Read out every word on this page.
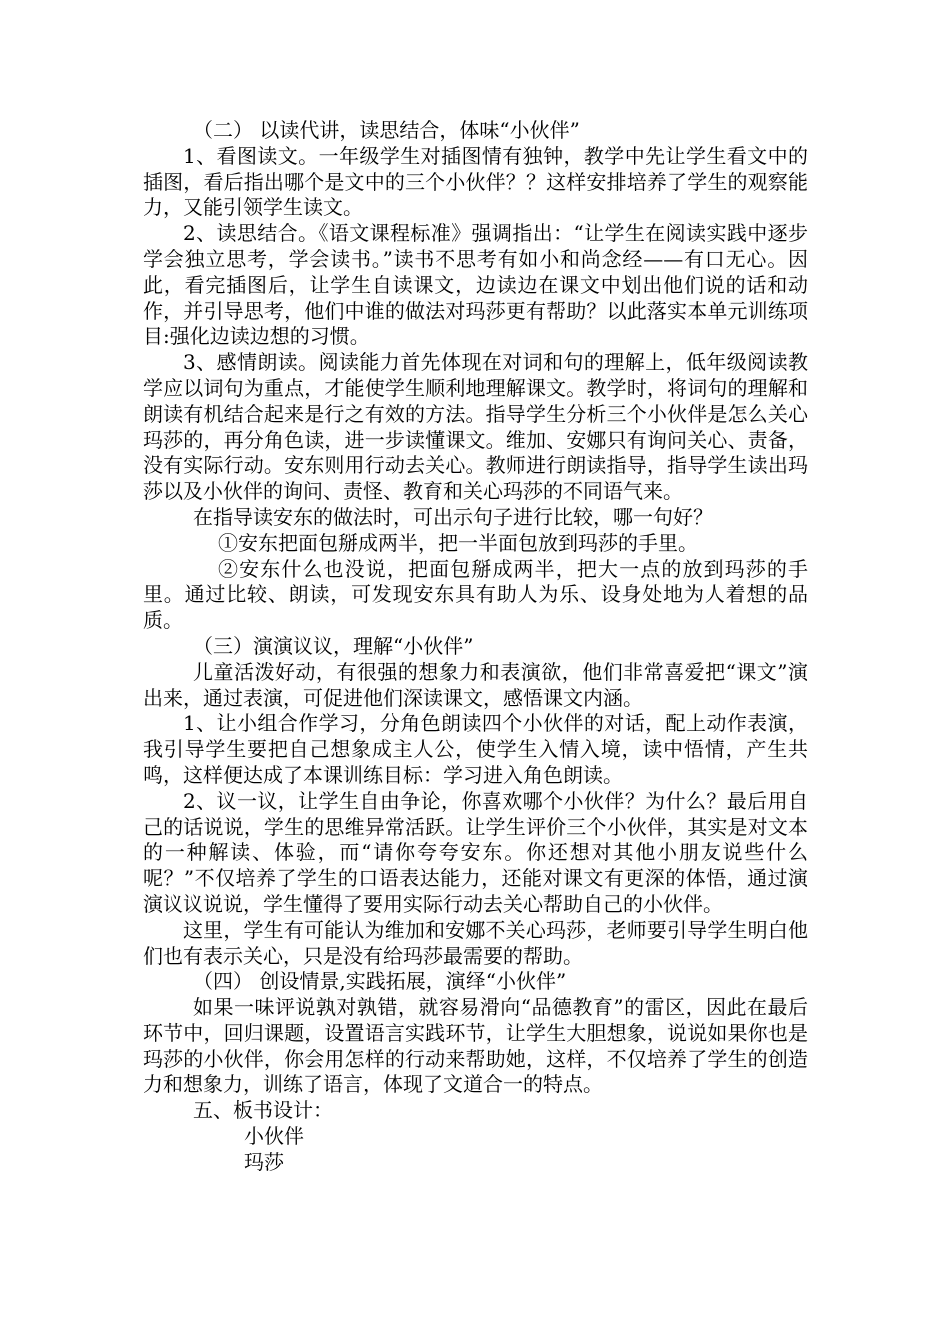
（二） 以读代讲，读思结合，体味“小伙伴”

1、看图读文。一年级学生对插图情有独钟，教学中先让学生看文中的插图，看后指出哪个是文中的三个小伙伴？？这样安排培养了学生的观察能力，又能引领学生读文。

2、读思结合。《语文课程标准》强调指出：“让学生在阅读实践中逐步学会独立思考，学会读书。”读书不思考有如小和尚念经——有口无心。因此，看完插图后，让学生自读课文，边读边在课文中划出他们说的话和动作，并引导思考，他们中谁的做法对玛莎更有帮助？以此落实本单元训练项目:强化边读边想的习惯。

3、感情朗读。阅读能力首先体现在对词和句的理解上，低年级阅读教学应以词句为重点，才能使学生顺利地理解课文。教学时，将词句的理解和朗读有机结合起来是行之有效的方法。指导学生分析三个小伙伴是怎么关心玛莎的，再分角色读，进一步读懂课文。维加、安娜只有询问关心、责备，没有实际行动。安东则用行动去关心。教师进行朗读指导，指导学生读出玛莎以及小伙伴的询问、责怪、教育和关心玛莎的不同语气来。

在指导读安东的做法时，可出示句子进行比较，哪一句好？

①安东把面包掰成两半，把一半面包放到玛莎的手里。

②安东什么也没说，把面包掰成两半，把大一点的放到玛莎的手里。通过比较、朗读，可发现安东具有助人为乐、设身处地为人着想的品质。

（三）演演议议，理解“小伙伴”

儿童活泼好动，有很强的想象力和表演欲，他们非常喜爱把“课文”演出来，通过表演，可促进他们深读课文，感悟课文内涵。

1、让小组合作学习，分角色朗读四个小伙伴的对话，配上动作表演，我引导学生要把自己想象成主人公，使学生入情入境，读中悟情，产生共鸣，这样便达成了本课训练目标：学习进入角色朗读。

2、议一议，让学生自由争论，你喜欢哪个小伙伴？为什么？最后用自己的话说说，学生的思维异常活跃。让学生评价三个小伙伴，其实是对文本的一种解读、体验，而“请你夸夸安东。你还想对其他小朋友说些什么呢？”不仅培养了学生的口语表达能力，还能对课文有更深的体悟，通过演演议议说说，学生懂得了要用实际行动去关心帮助自己的小伙伴。

这里，学生有可能认为维加和安娜不关心玛莎，老师要引导学生明白他们也有表示关心，只是没有给玛莎最需要的帮助。

（四） 创设情景,实践拓展，演绎“小伙伴”

如果一味评说孰对孰错，就容易滑向“品德教育”的雷区，因此在最后环节中，回归课题，设置语言实践环节，让学生大胆想象，说说如果你也是玛莎的小伙伴，你会用怎样的行动来帮助她，这样，不仅培养了学生的创造力和想象力，训练了语言，体现了文道合一的特点。

五、板书设计：

小伙伴

玛莎
